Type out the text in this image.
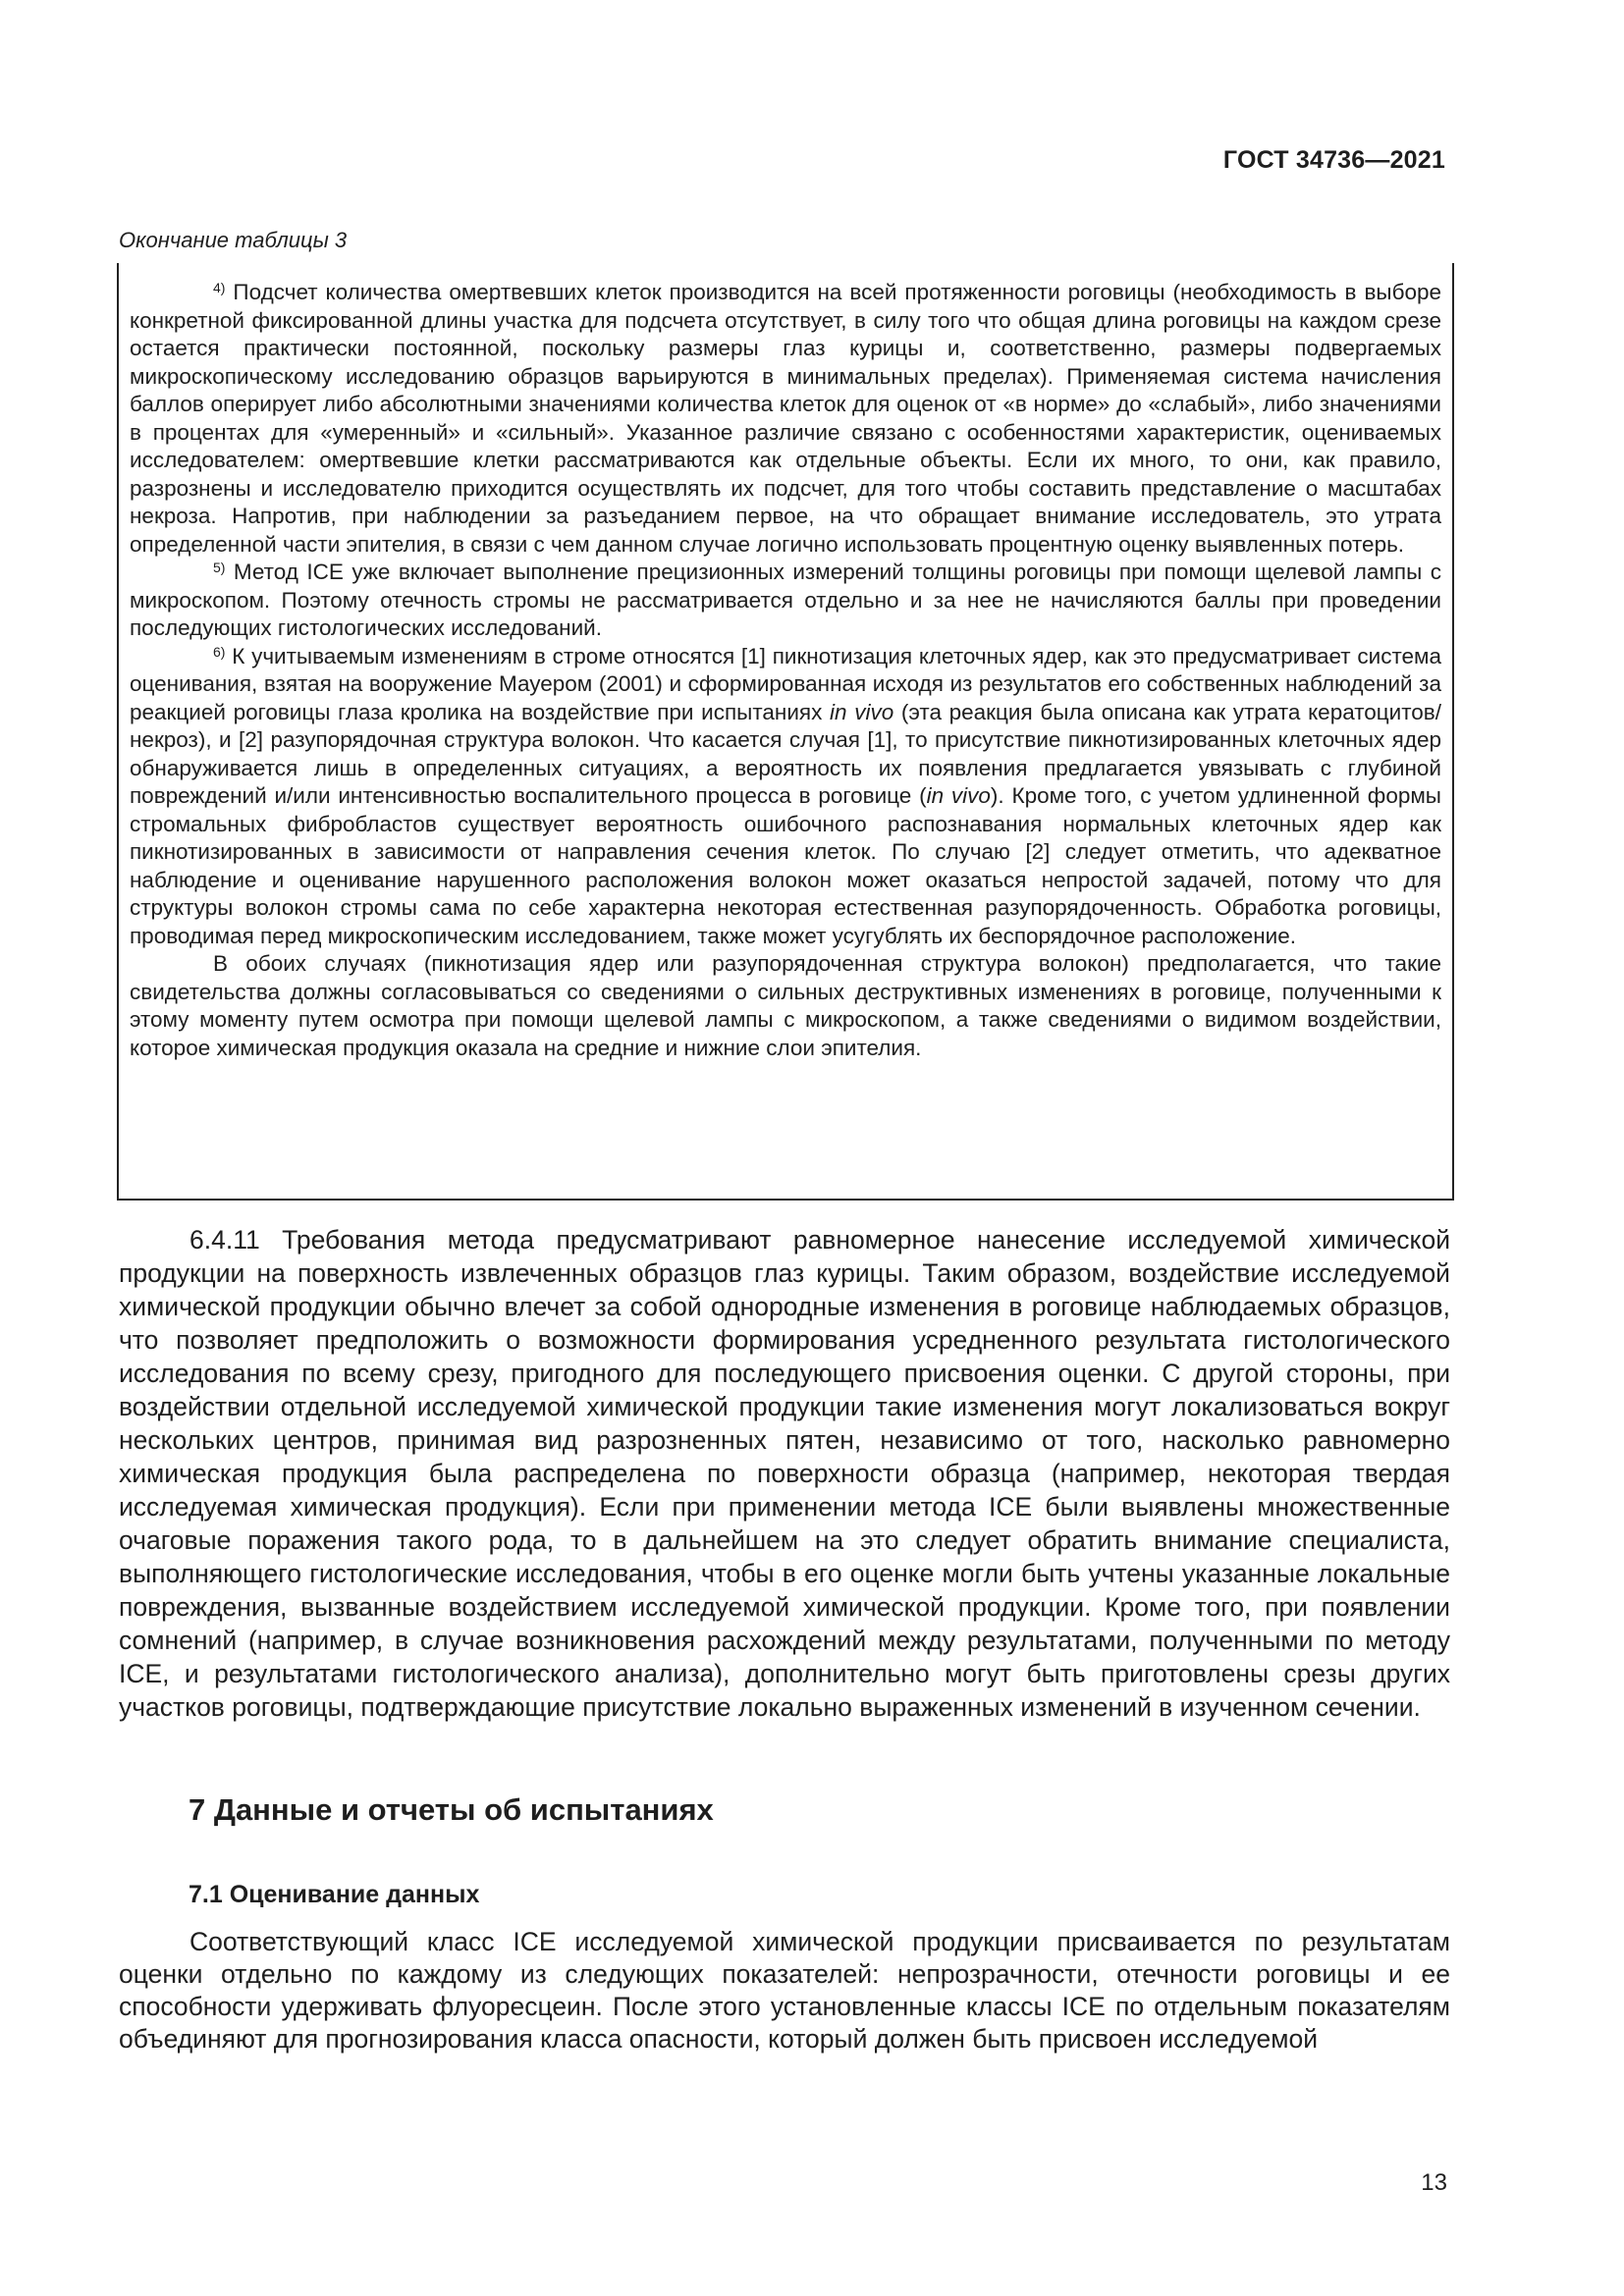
ГОСТ 34736—2021
Окончание таблицы 3

$^{4)}$ Подсчет количества омертвевших клеток производится на всей протяженности роговицы (необходимость в выборе конкретной фиксированной длины участка для подсчета отсутствует, в силу того что общая длина роговицы на каждом срезе остается практически постоянной, поскольку размеры глаз курицы и, соответственно, размеры подвергаемых микроскопическому исследованию образцов варьируются в минимальных пределах). Применяемая система начисления баллов оперирует либо абсолютными значениями количества клеток для оценок от «в норме» до «слабый», либо значениями в процентах для «умеренный» и «сильный». Указанное различие связано с особенностями характеристик, оцениваемых исследователем: омертвевшие клетки рассматриваются как отдельные объекты. Если их много, то они, как правило, разрознены и исследователю приходится осуществлять их подсчет, для того чтобы составить представление о масштабах некроза. Напротив, при наблюдении за разъеданием первое, на что обращает внимание исследователь, это утрата определенной части эпителия, в связи с чем данном случае логично использовать процентную оценку выявленных потерь.

$^{5)}$ Метод ICE уже включает выполнение прецизионных измерений толщины роговицы при помощи щелевой лампы с микроскопом. Поэтому отечность стромы не рассматривается отдельно и за нее не начисляются баллы при проведении последующих гистологических исследований.

$^{6)}$ К учитываемым изменениям в строме относятся [1] пикнотизация клеточных ядер, как это предусматривает система оценивания, взятая на вооружение Мауером (2001) и сформированная исходя из результатов его собственных наблюдений за реакцией роговицы глаза кролика на воздействие при испытаниях in vivo (эта реакция была описана как утрата кератоцитов/некроз), и [2] разупорядочная структура волокон. Что касается случая [1], то присутствие пикнотизированных клеточных ядер обнаруживается лишь в определенных ситуациях, а вероятность их появления предлагается увязывать с глубиной повреждений и/или интенсивностью воспалительного процесса в роговице (in vivo). Кроме того, с учетом удлиненной формы стромальных фибробластов существует вероятность ошибочного распознавания нормальных клеточных ядер как пикнотизированных в зависимости от направления сечения клеток. По случаю [2] следует отметить, что адекватное наблюдение и оценивание нарушенного расположения волокон может оказаться непростой задачей, потому что для структуры волокон стромы сама по себе характерна некоторая естественная разупорядоченность. Обработка роговицы, проводимая перед микроскопическим исследованием, также может усугублять их беспорядочное расположение.

В обоих случаях (пикнотизация ядер или разупорядоченная структура волокон) предполагается, что такие свидетельства должны согласовываться со сведениями о сильных деструктивных изменениях в роговице, полученными к этому моменту путем осмотра при помощи щелевой лампы с микроскопом, а также сведениями о видимом воздействии, которое химическая продукция оказала на средние и нижние слои эпителия.

6.4.11 Требования метода предусматривают равномерное нанесение исследуемой химической продукции на поверхность извлеченных образцов глаз курицы. Таким образом, воздействие исследуемой химической продукции обычно влечет за собой однородные изменения в роговице наблюдаемых образцов, что позволяет предположить о возможности формирования усредненного результата гистологического исследования по всему срезу, пригодного для последующего присвоения оценки. С другой стороны, при воздействии отдельной исследуемой химической продукции такие изменения могут локализоваться вокруг нескольких центров, принимая вид разрозненных пятен, независимо от того, насколько равномерно химическая продукция была распределена по поверхности образца (например, некоторая твердая исследуемая химическая продукция). Если при применении метода ICE были выявлены множественные очаговые поражения такого рода, то в дальнейшем на это следует обратить внимание специалиста, выполняющего гистологические исследования, чтобы в его оценке могли быть учтены указанные локальные повреждения, вызванные воздействием исследуемой химической продукции. Кроме того, при появлении сомнений (например, в случае возникновения расхождений между результатами, полученными по методу ICE, и результатами гистологического анализа), дополнительно могут быть приготовлены срезы других участков роговицы, подтверждающие присутствие локально выраженных изменений в изученном сечении.

7 Данные и отчеты об испытаниях
7.1 Оценивание данных

Соответствующий класс ICE исследуемой химической продукции присваивается по результатам оценки отдельно по каждому из следующих показателей: непрозрачности, отечности роговицы и ее способности удерживать флуоресцеин. После этого установленные классы ICE по отдельным показателям объединяют для прогнозирования класса опасности, который должен быть присвоен исследуемой

13
